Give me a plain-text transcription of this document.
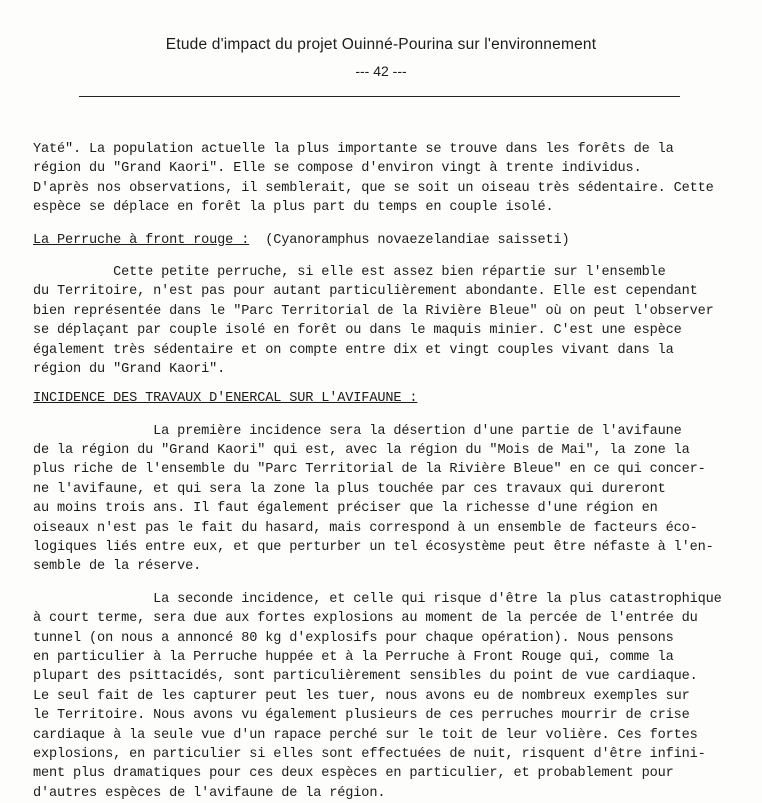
Etude d'impact du projet Ouinné-Pourina sur l'environnement
--- 42 ---
Yaté". La population actuelle la plus importante se trouve dans les forêts de la
région du "Grand Kaori". Elle se compose d'environ vingt à trente individus.
D'après nos observations, il semblerait, que se soit un oiseau très sédentaire. Cette
espèce se déplace en forêt la plus part du temps en couple isolé.
La Perruche à front rouge : (Cyanoramphus novaezelandiae saisseti)
Cette petite perruche, si elle est assez bien répartie sur l'ensemble
du Territoire, n'est pas pour autant particulièrement abondante. Elle est cependant
bien représentée dans le "Parc Territorial de la Rivière Bleue" où on peut l'observer
se déplaçant par couple isolé en forêt ou dans le maquis minier. C'est une espèce
également très sédentaire et on compte entre dix et vingt couples vivant dans la
région du "Grand Kaori".
INCIDENCE DES TRAVAUX D'ENERCAL SUR L'AVIFAUNE :
La première incidence sera la désertion d'une partie de l'avifaune
de la région du "Grand Kaori" qui est, avec la région du "Mois de Mai", la zone la
plus riche de l'ensemble du "Parc Territorial de la Rivière Bleue" en ce qui concer-
ne l'avifaune, et qui sera la zone la plus touchée par ces travaux qui dureront
au moins trois ans. Il faut également préciser que la richesse d'une région en
oiseaux n'est pas le fait du hasard, mais correspond à un ensemble de facteurs éco-
logiques liés entre eux, et que perturber un tel écosystème peut être néfaste à l'en-
semble de la réserve.
La seconde incidence, et celle qui risque d'être la plus catastrophique
à court terme, sera due aux fortes explosions au moment de la percée de l'entrée du
tunnel (on nous a annoncé 80 kg d'explosifs pour chaque opération). Nous pensons
en particulier à la Perruche huppée et à la Perruche à Front Rouge qui, comme la
plupart des psittacidés, sont particulièrement sensibles du point de vue cardiaque.
Le seul fait de les capturer peut les tuer, nous avons eu de nombreux exemples sur
le Territoire. Nous avons vu également plusieurs de ces perruches mourrir de crise
cardiaque à la seule vue d'un rapace perché sur le toit de leur volière. Ces fortes
explosions, en particulier si elles sont effectuées de nuit, risquent d'être infini-
ment plus dramatiques pour ces deux espèces en particulier, et probablement pour
d'autres espèces de l'avifaune de la région.
